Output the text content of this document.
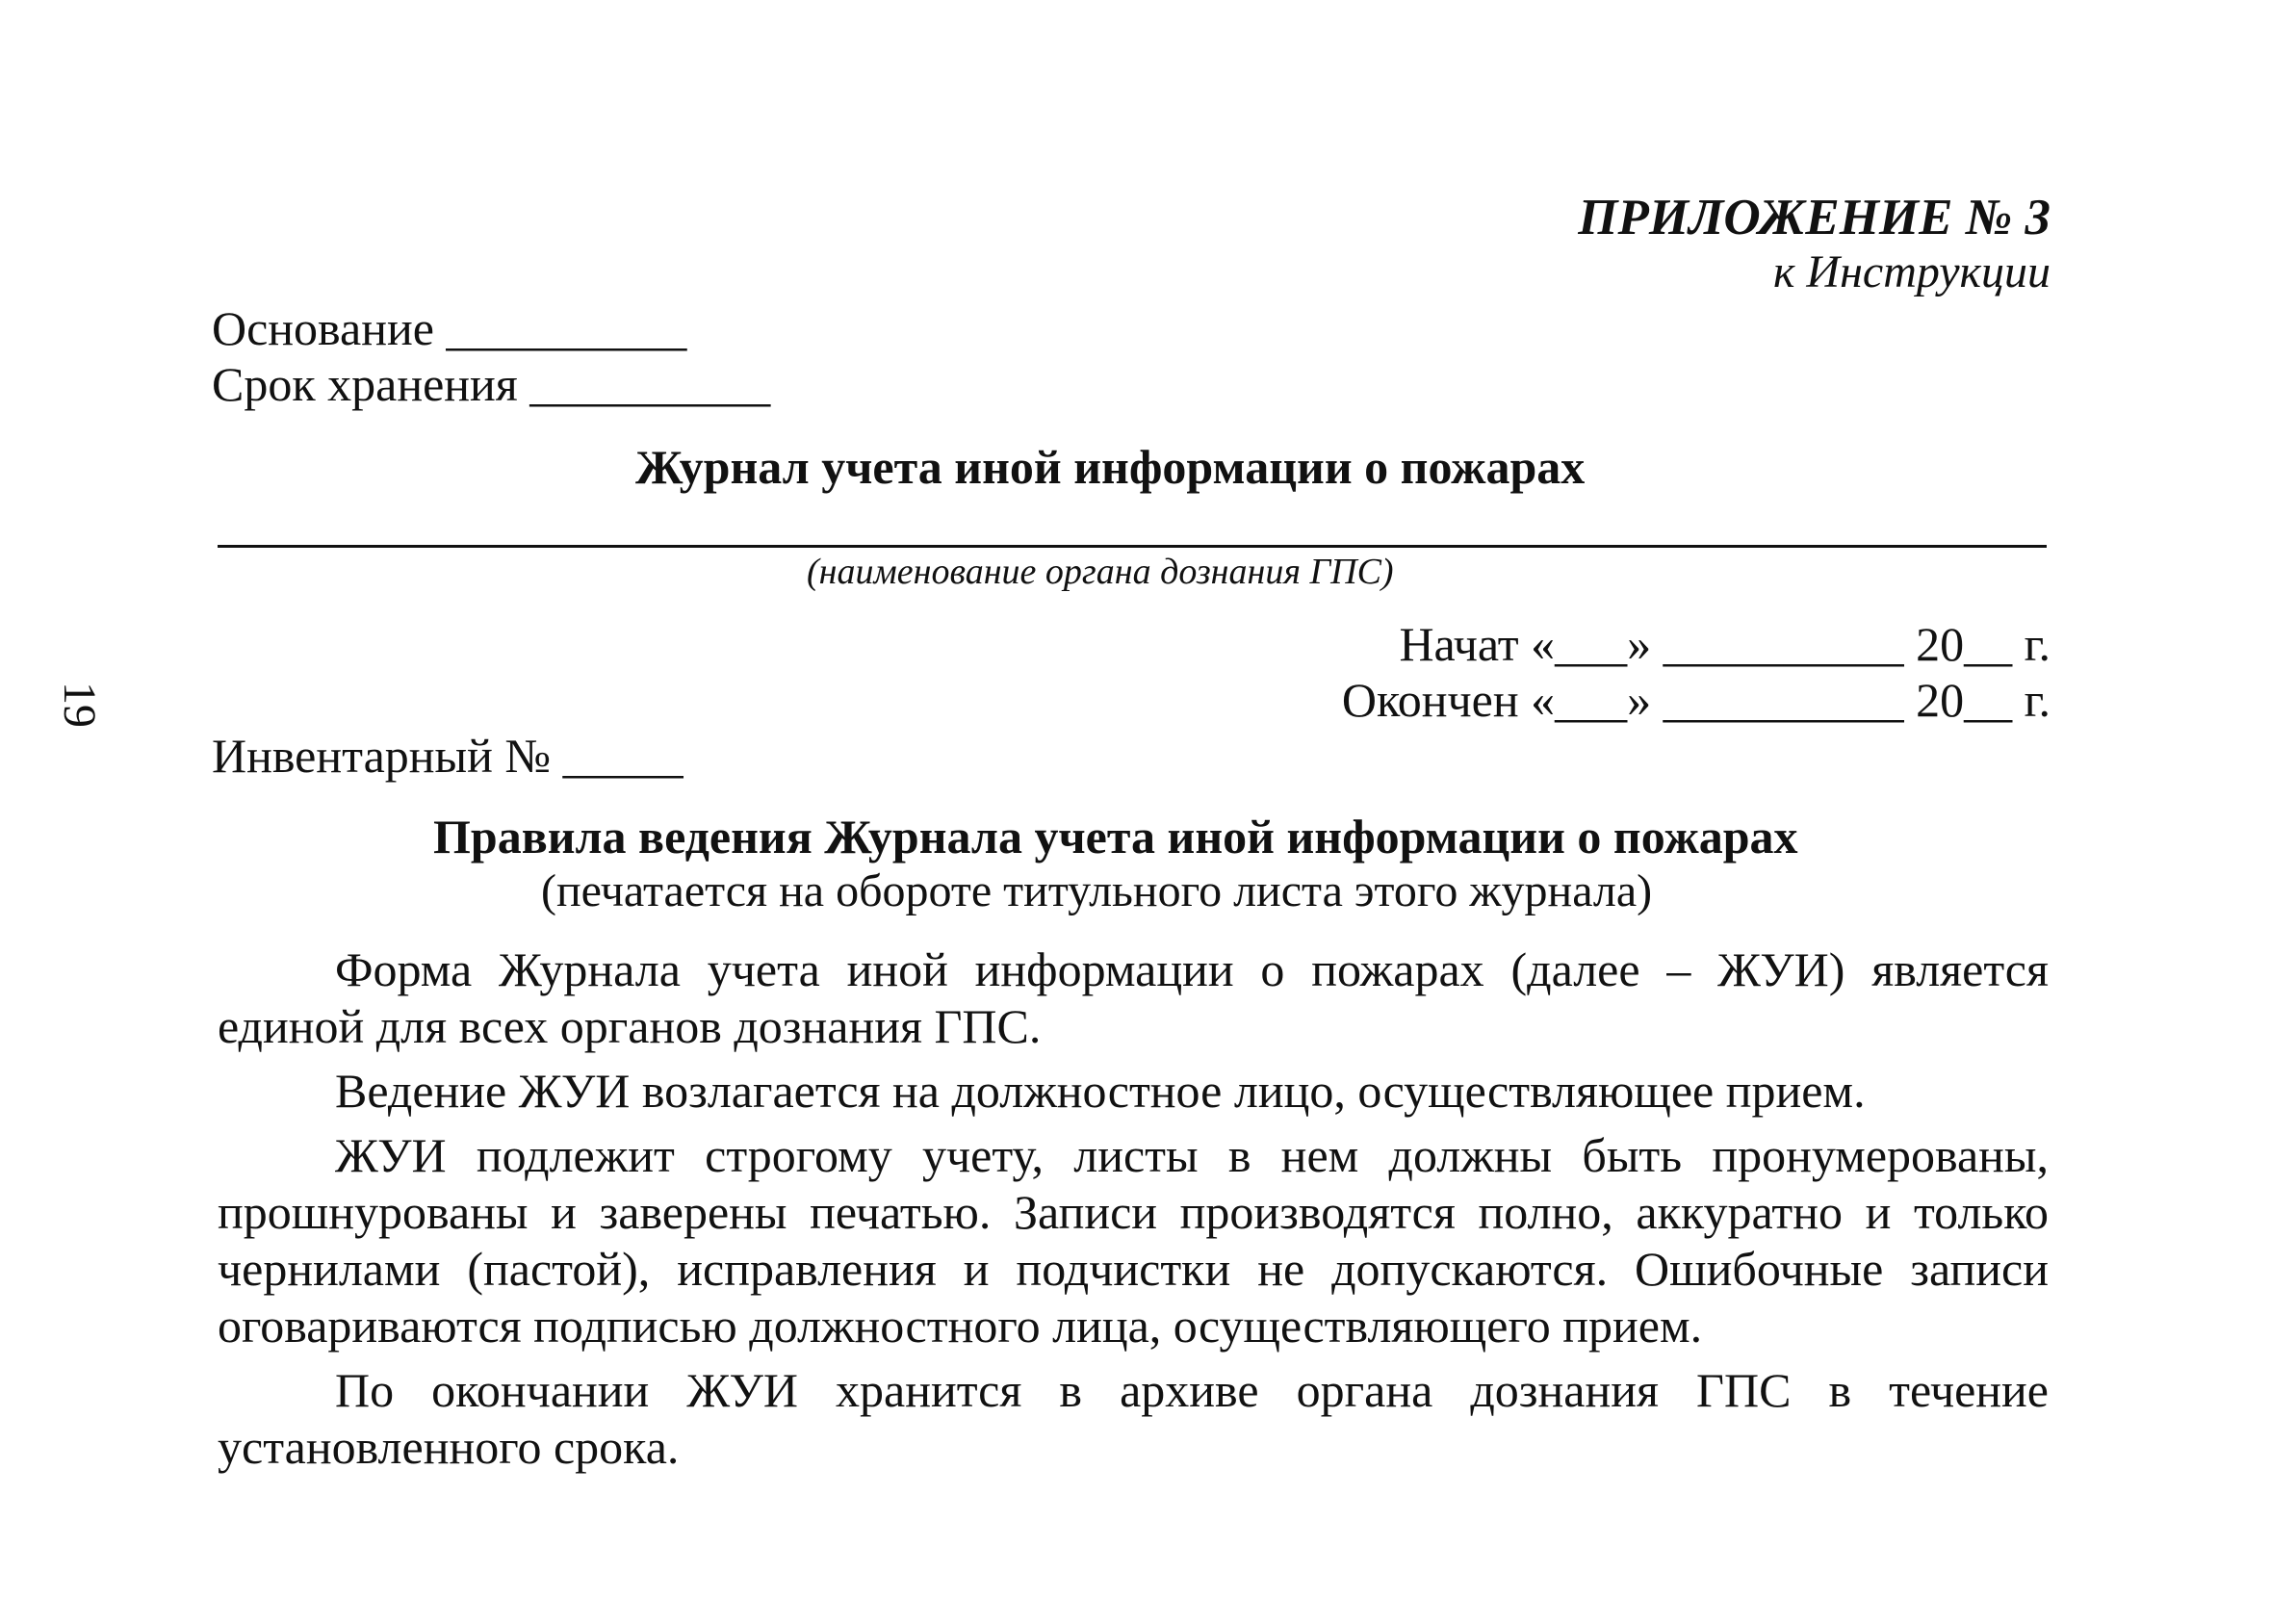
ПРИЛОЖЕНИЕ № 3
к Инструкции
Основание __________
Срок хранения __________
Журнал учета иной информации о пожарах
(наименование органа дознания ГПС)
Начат «___» __________ 20__ г.
Окончен «___» __________ 20__ г.
19
Инвентарный № _____
Правила ведения Журнала учета иной информации о пожарах
(печатается на обороте титульного листа этого журнала)

Форма Журнала учета иной информации о пожарах (далее – ЖУИ) является единой для всех органов дознания ГПС.

Ведение ЖУИ возлагается на должностное лицо, осуществляющее прием.

ЖУИ подлежит строгому учету, листы в нем должны быть пронумерованы, прошнурованы и заверены печатью. Записи производятся полно, аккуратно и только чернилами (пастой), исправления и подчистки не допускаются. Ошибочные записи оговариваются подписью должностного лица, осуществляющего прием.

По окончании ЖУИ хранится в архиве органа дознания ГПС в течение установленного срока.
